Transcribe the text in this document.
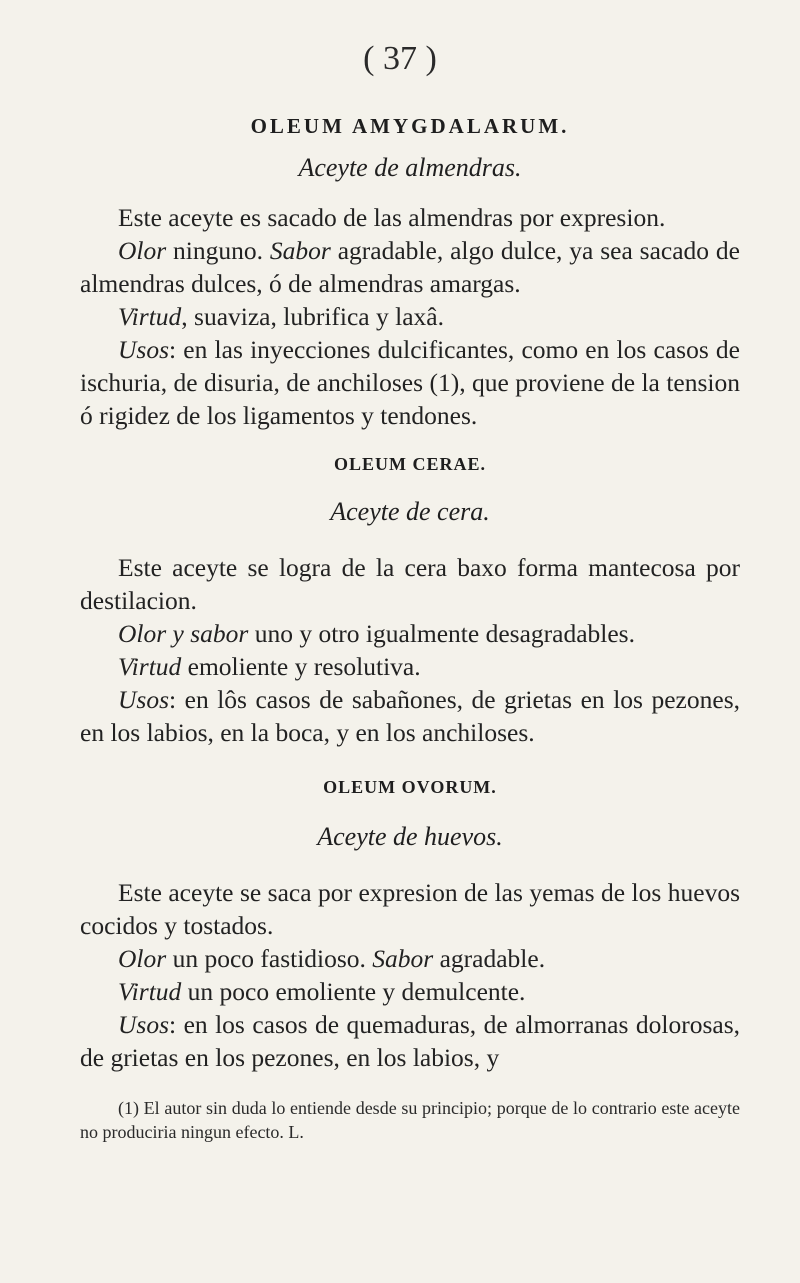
( 37 )

OLEUM AMYGDALARUM.

Aceyte de almendras.

Este aceyte es sacado de las almendras por expresion.

Olor ninguno. Sabor agradable, algo dulce, ya sea sacado de almendras dulces, ó de almendras amargas.

Virtud, suaviza, lubrifica y laxâ.

Usos: en las inyecciones dulcificantes, como en los casos de ischuria, de disuria, de anchiloses (1), que proviene de la tension ó rigidez de los ligamentos y tendones.

OLEUM CERAE.

Aceyte de cera.

Este aceyte se logra de la cera baxo forma mantecosa por destilacion.

Olor y sabor uno y otro igualmente desagradables.

Virtud emoliente y resolutiva.

Usos: en lôs casos de sabañones, de grietas en los pezones, en los labios, en la boca, y en los anchiloses.

OLEUM OVORUM.

Aceyte de huevos.

Este aceyte se saca por expresion de las yemas de los huevos cocidos y tostados.

Olor un poco fastidioso. Sabor agradable.

Virtud un poco emoliente y demulcente.

Usos: en los casos de quemaduras, de almorranas dolorosas, de grietas en los pezones, en los labios, y

(1) El autor sin duda lo entiende desde su principio; porque de lo contrario este aceyte no produciria ningun efecto. L.
